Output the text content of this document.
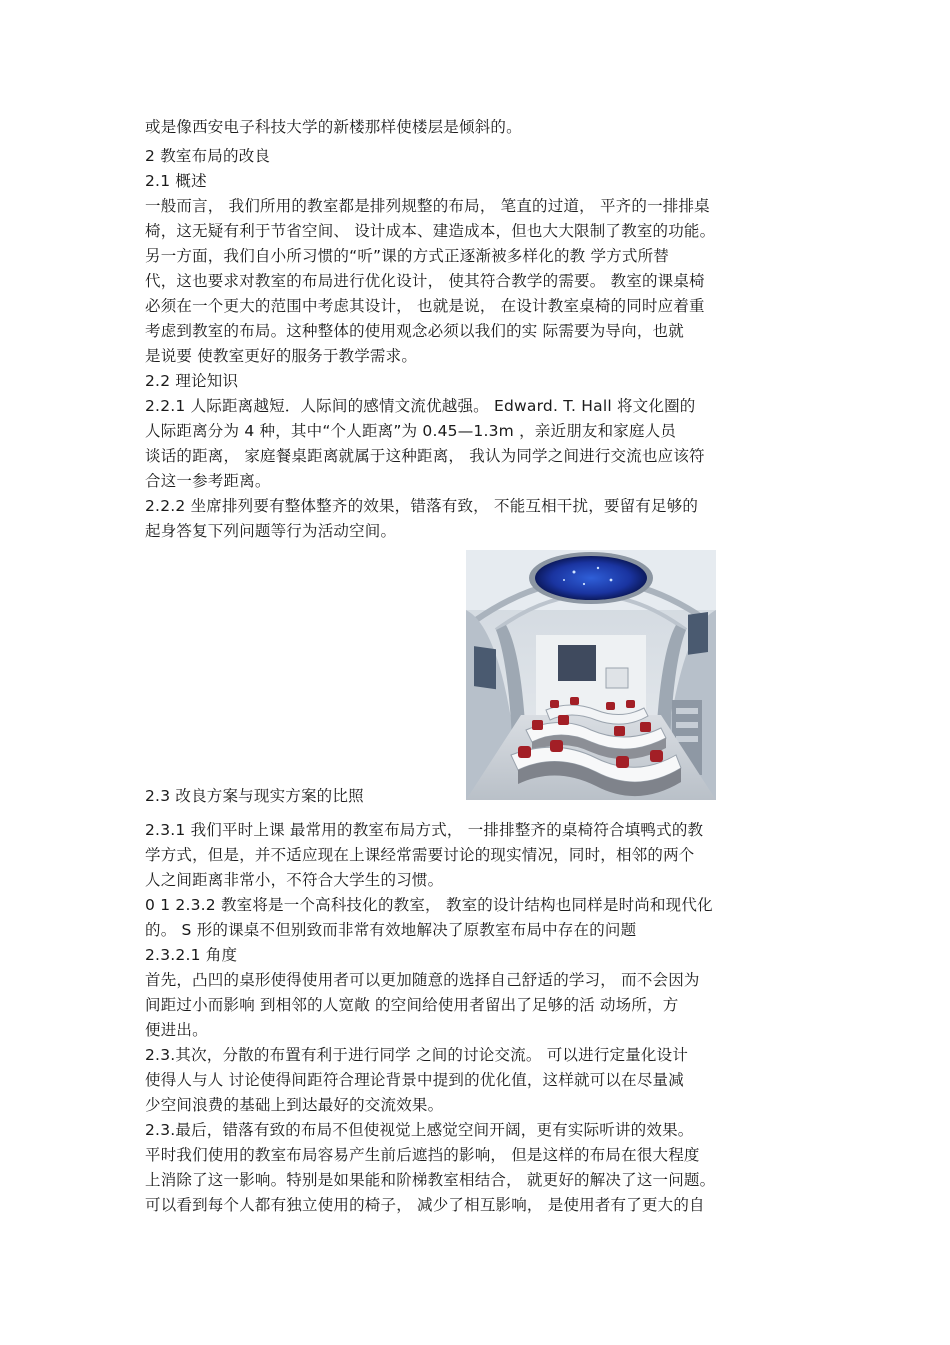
或是像西安电子科技大学的新楼那样使楼层是倾斜的。
2 教室布局的改良
2.1 概述
一般而言， 我们所用的教室都是排列规整的布局， 笔直的过道， 平齐的一排排桌
椅，这无疑有利于节省空间、 设计成本、建造成本，但也大大限制了教室的功能。
另一方面，我们自小所习惯的“听”课的方式正逐渐被多样化的教 学方式所替
代，这也要求对教室的布局进行优化设计， 使其符合教学的需要。 教室的课桌椅
必须在一个更大的范围中考虑其设计， 也就是说， 在设计教室桌椅的同时应着重
考虑到教室的布局。这种整体的使用观念必须以我们的实 际需要为导向，也就
是说要 使教室更好的服务于教学需求。
2.2 理论知识
2.2.1 人际距离越短．人际间的感情文流优越强。 Edward. T. Hall 将文化圈的
人际距离分为 4 种，其中“个人距离”为 0.45—1.3m ，亲近朋友和家庭人员
谈话的距离， 家庭餐桌距离就属于这种距离， 我认为同学之间进行交流也应该符
合这一参考距离。
2.2.2 坐席排列要有整体整齐的效果，错落有致， 不能互相干扰，要留有足够的
起身答复下列问题等行为活动空间。
2.3 改良方案与现实方案的比照
2.3.1 我们平时上课 最常用的教室布局方式， 一排排整齐的桌椅符合填鸭式的教
学方式，但是，并不适应现在上课经常需要讨论的现实情况，同时，相邻的两个
人之间距离非常小，不符合大学生的习惯。
0 1 2.3.2 教室将是一个高科技化的教室， 教室的设计结构也同样是时尚和现代化
的。 S 形的课桌不但别致而非常有效地解决了原教室布局中存在的问题
2.3.2.1 角度
首先，凸凹的桌形使得使用者可以更加随意的选择自己舒适的学习， 而不会因为
间距过小而影响 到相邻的人宽敞 的空间给使用者留出了足够的活 动场所，方
便进出。
2.3.其次，分散的布置有利于进行同学 之间的讨论交流。 可以进行定量化设计
使得人与人 讨论使得间距符合理论背景中提到的优化值，这样就可以在尽量减
少空间浪费的基础上到达最好的交流效果。
2.3.最后，错落有致的布局不但使视觉上感觉空间开阔，更有实际听讲的效果。
平时我们使用的教室布局容易产生前后遮挡的影响， 但是这样的布局在很大程度
上消除了这一影响。特别是如果能和阶梯教室相结合， 就更好的解决了这一问题。
可以看到每个人都有独立使用的椅子， 减少了相互影响， 是使用者有了更大的自
